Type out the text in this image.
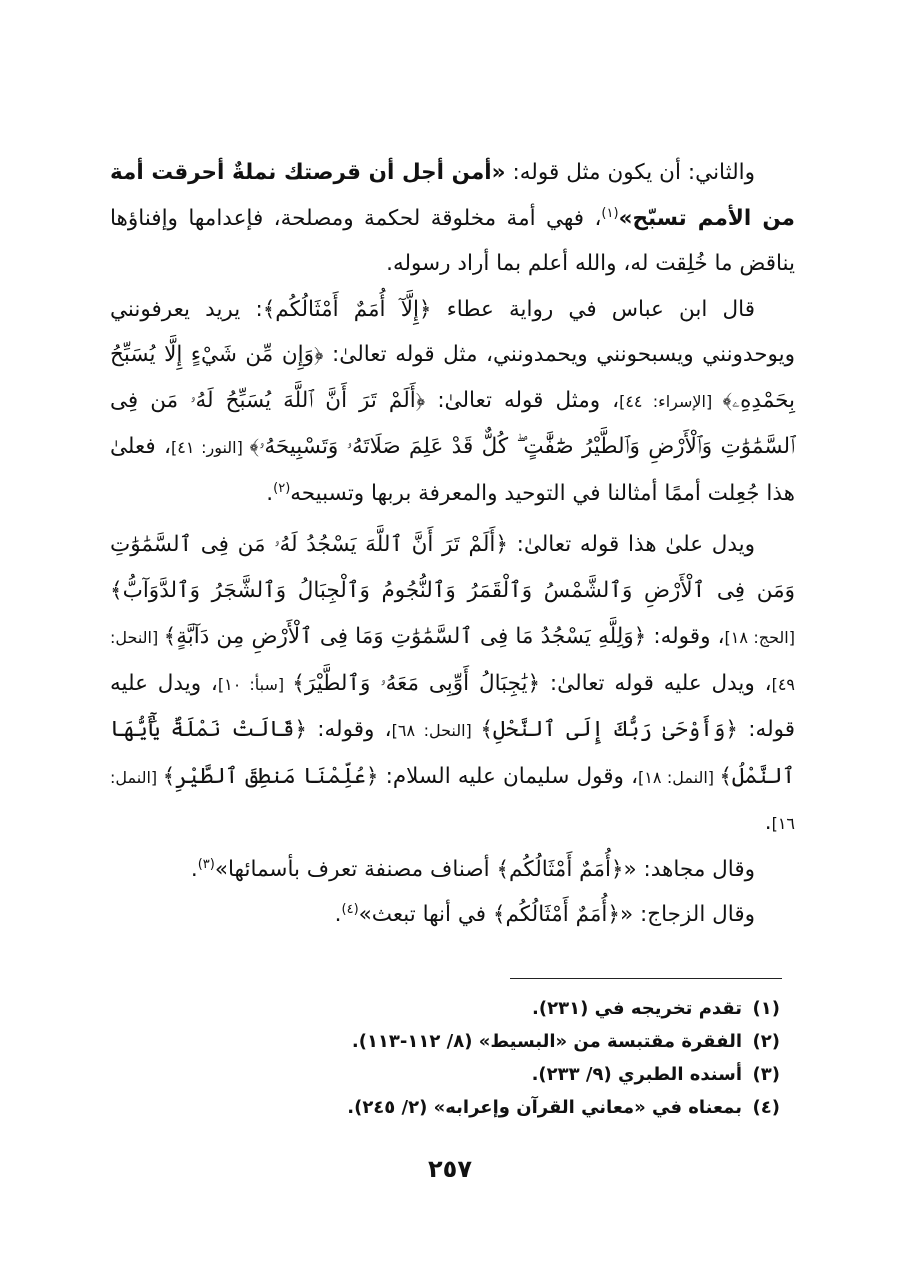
والثاني: أن يكون مثل قوله: «أمن أجل أن قرصتك نملةٌ أحرقت أمة من الأمم تسبّح»$^{(١)}$، فهي أمة مخلوقة لحكمة ومصلحة، فإعدامها وإفناؤها يناقض ما خُلِقت له، والله أعلم بما أراد رسوله.

قال ابن عباس في رواية عطاء ﴿إِلَّآ أُمَمٌ أَمْثَالُكُم﴾: يريد يعرفونني ويوحدونني ويسبحونني ويحمدونني، مثل قوله تعالىٰ: ﴿وَإِن مِّن شَيْءٍ إِلَّا يُسَبِّحُ بِحَمْدِهِۦ﴾ [الإسراء: ٤٤]، ومثل قوله تعالىٰ: ﴿أَلَمْ تَرَ أَنَّ ٱللَّهَ يُسَبِّحُ لَهُۥ مَن فِى ٱلسَّمَٰوَٰتِ وَٱلْأَرْضِ وَٱلطَّيْرُ صَٰٓفَّٰتٍ ۖ كُلٌّ قَدْ عَلِمَ صَلَاتَهُۥ وَتَسْبِيحَهُۥ﴾ [النور: ٤١]، فعلىٰ هذا جُعِلت أممًا أمثالنا في التوحيد والمعرفة بربها وتسبيحه$^{(٢)}$.

ويدل علىٰ هذا قوله تعالىٰ: ﴿أَلَمْ تَرَ أَنَّ ٱللَّهَ يَسْجُدُ لَهُۥ مَن فِى ٱلسَّمَٰوَٰتِ وَمَن فِى ٱلْأَرْضِ وَٱلشَّمْسُ وَٱلْقَمَرُ وَٱلنُّجُومُ وَٱلْجِبَالُ وَٱلشَّجَرُ وَٱلدَّوَآبُّ﴾ [الحج: ١٨]، وقوله: ﴿وَلِلَّهِ يَسْجُدُ مَا فِى ٱلسَّمَٰوَٰتِ وَمَا فِى ٱلْأَرْضِ مِن دَآبَّةٍ﴾ [النحل: ٤٩]، ويدل عليه قوله تعالىٰ: ﴿يَٰجِبَالُ أَوِّبِى مَعَهُۥ وَٱلطَّيْرَ﴾ [سبأ: ١٠]، ويدل عليه قوله: ﴿وَأَوْحَىٰ رَبُّكَ إِلَى ٱلنَّحْلِ﴾ [النحل: ٦٨]، وقوله: ﴿قَالَتْ نَمْلَةٌ يَٰٓأَيُّهَا ٱلنَّمْلُ﴾ [النمل: ١٨]، وقول سليمان عليه السلام: ﴿عُلِّمْنَا مَنطِقَ ٱلطَّيْرِ﴾ [النمل: ١٦].

وقال مجاهد: «﴿أُمَمٌ أَمْثَالُكُم﴾ أصناف مصنفة تعرف بأسمائها»$^{(٣)}$.

وقال الزجاج: «﴿أُمَمٌ أَمْثَالُكُم﴾ في أنها تبعث»$^{(٤)}$.

(١)تقدم تخريجه في (٢٣١).
(٢)الفقرة مقتبسة من «البسيط» (٨/ ١١٢-١١٣).
(٣)أسنده الطبري (٩/ ٢٣٣).
(٤)بمعناه في «معاني القرآن وإعرابه» (٢/ ٢٤٥).
٢٥٧
